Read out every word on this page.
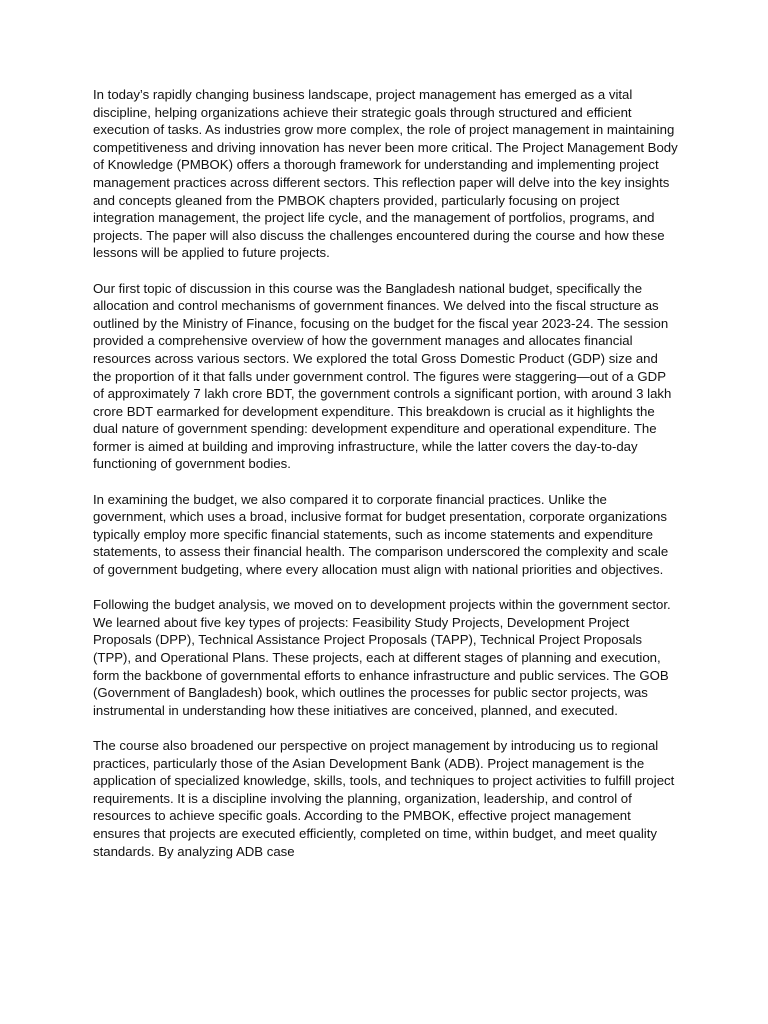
In today’s rapidly changing business landscape, project management has emerged as a vital discipline, helping organizations achieve their strategic goals through structured and efficient execution of tasks. As industries grow more complex, the role of project management in maintaining competitiveness and driving innovation has never been more critical. The Project Management Body of Knowledge (PMBOK) offers a thorough framework for understanding and implementing project management practices across different sectors. This reflection paper will delve into the key insights and concepts gleaned from the PMBOK chapters provided, particularly focusing on project integration management, the project life cycle, and the management of portfolios, programs, and projects. The paper will also discuss the challenges encountered during the course and how these lessons will be applied to future projects.

Our first topic of discussion in this course was the Bangladesh national budget, specifically the allocation and control mechanisms of government finances. We delved into the fiscal structure as outlined by the Ministry of Finance, focusing on the budget for the fiscal year 2023-24. The session provided a comprehensive overview of how the government manages and allocates financial resources across various sectors. We explored the total Gross Domestic Product (GDP) size and the proportion of it that falls under government control. The figures were staggering—out of a GDP of approximately 7 lakh crore BDT, the government controls a significant portion, with around 3 lakh crore BDT earmarked for development expenditure. This breakdown is crucial as it highlights the dual nature of government spending: development expenditure and operational expenditure. The former is aimed at building and improving infrastructure, while the latter covers the day-to-day functioning of government bodies.

In examining the budget, we also compared it to corporate financial practices. Unlike the government, which uses a broad, inclusive format for budget presentation, corporate organizations typically employ more specific financial statements, such as income statements and expenditure statements, to assess their financial health. The comparison underscored the complexity and scale of government budgeting, where every allocation must align with national priorities and objectives.

Following the budget analysis, we moved on to development projects within the government sector. We learned about five key types of projects: Feasibility Study Projects, Development Project Proposals (DPP), Technical Assistance Project Proposals (TAPP), Technical Project Proposals (TPP), and Operational Plans. These projects, each at different stages of planning and execution, form the backbone of governmental efforts to enhance infrastructure and public services. The GOB (Government of Bangladesh) book, which outlines the processes for public sector projects, was instrumental in understanding how these initiatives are conceived, planned, and executed.

The course also broadened our perspective on project management by introducing us to regional practices, particularly those of the Asian Development Bank (ADB). Project management is the application of specialized knowledge, skills, tools, and techniques to project activities to fulfill project requirements. It is a discipline involving the planning, organization, leadership, and control of resources to achieve specific goals. According to the PMBOK, effective project management ensures that projects are executed efficiently, completed on time, within budget, and meet quality standards. By analyzing ADB case
